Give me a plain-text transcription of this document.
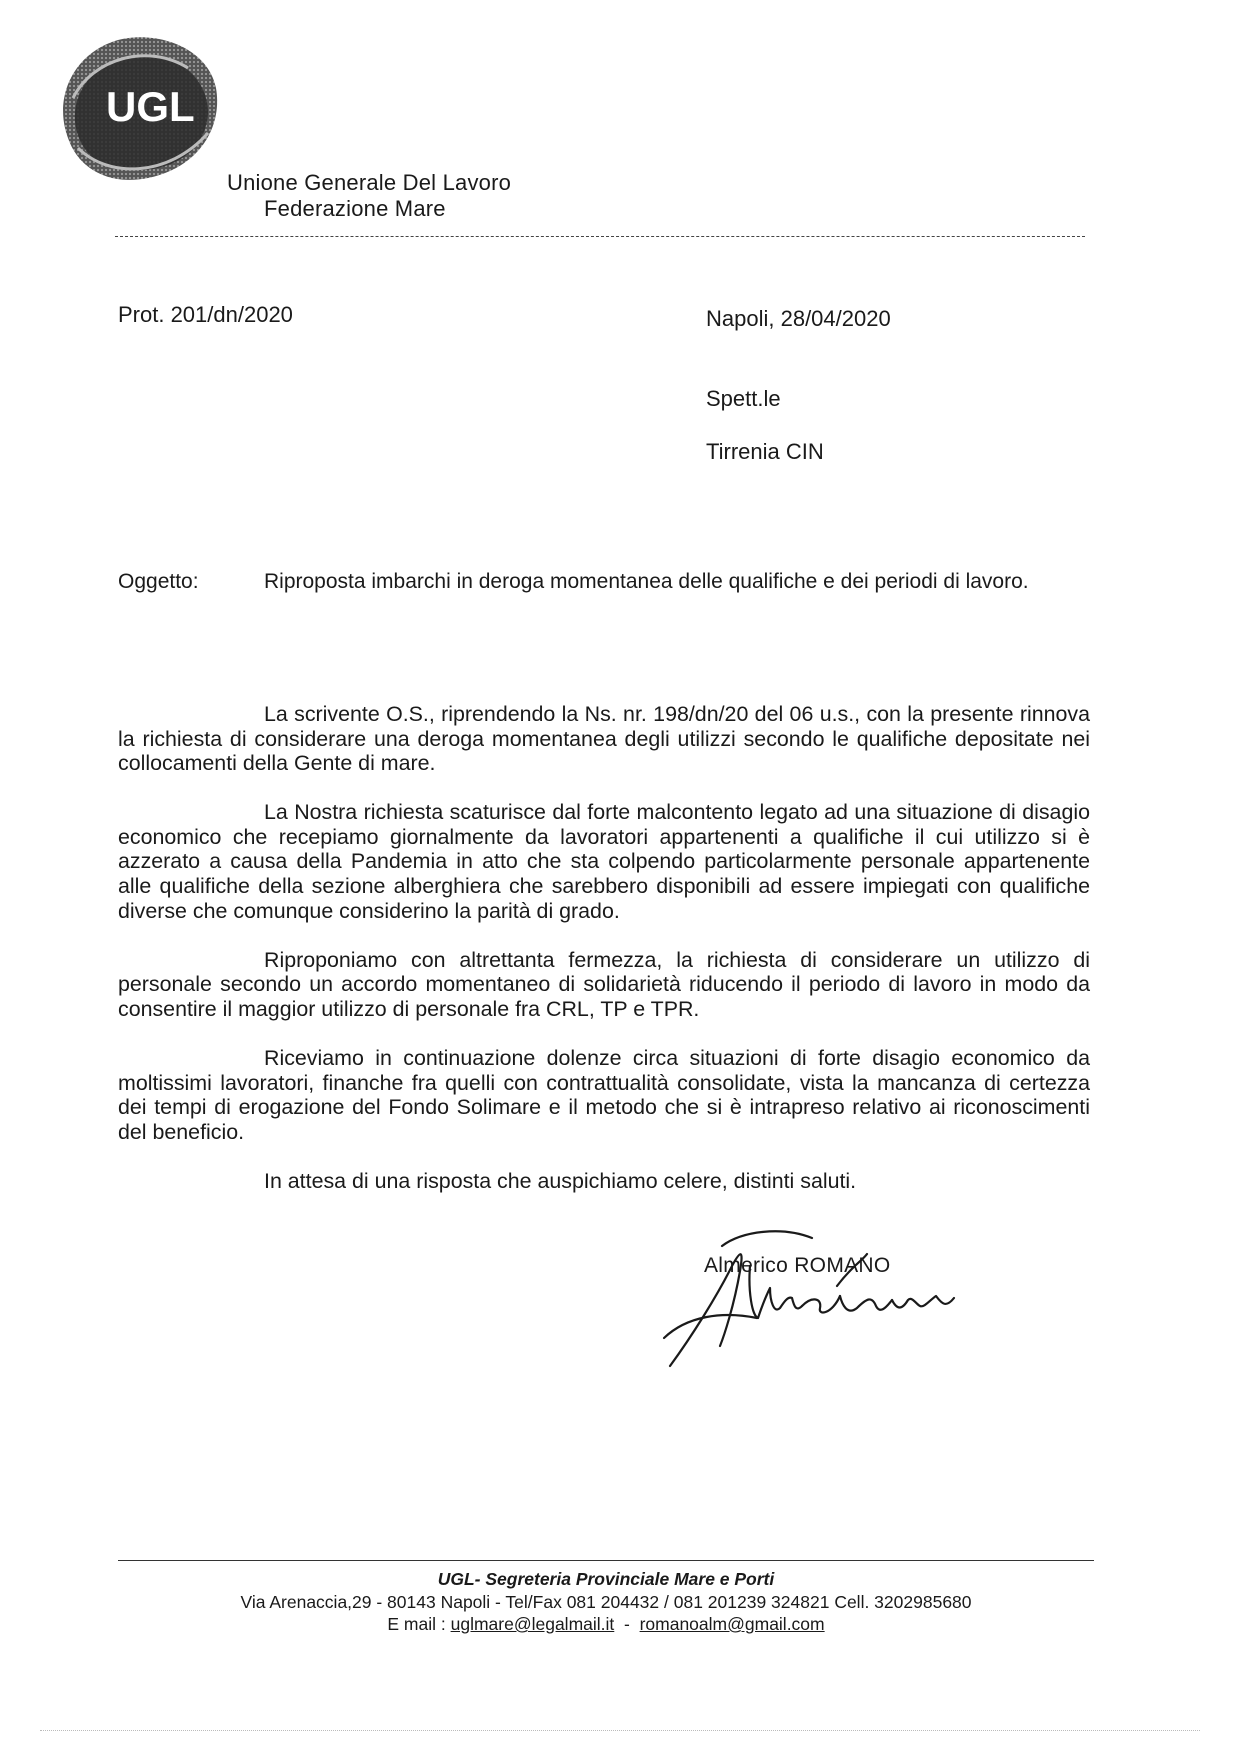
UGL
Unione Generale Del Lavoro
Federazione Mare
Prot. 201/dn/2020	Napoli, 28/04/2020
Spett.le
Tirrenia CIN
Oggetto:	Riproposta imbarchi in deroga momentanea delle qualifiche e dei periodi di lavoro.

La scrivente O.S., riprendendo la Ns. nr. 198/dn/20 del 06 u.s., con la presente rinnova la richiesta di considerare una deroga momentanea degli utilizzi secondo le qualifiche depositate nei collocamenti della Gente di mare.

La Nostra richiesta scaturisce dal forte malcontento legato ad una situazione di disagio economico che recepiamo giornalmente da lavoratori appartenenti a qualifiche il cui utilizzo si è azzerato a causa della Pandemia in atto che sta colpendo particolarmente personale appartenente alle qualifiche della sezione alberghiera che sarebbero disponibili ad essere impiegati con qualifiche diverse che comunque considerino la parità di grado.

Riproponiamo con altrettanta fermezza, la richiesta di considerare un utilizzo di personale secondo un accordo momentaneo di solidarietà riducendo il periodo di lavoro in modo da consentire il maggior utilizzo di personale fra CRL, TP e TPR.

Riceviamo in continuazione dolenze circa situazioni di forte disagio economico da moltissimi lavoratori, finanche fra quelli con contrattualità consolidate, vista la mancanza di certezza dei tempi di erogazione del Fondo Solimare e il metodo che si è intrapreso relativo ai riconoscimenti del beneficio.

In attesa di una risposta che auspichiamo celere, distinti saluti.
Almerico ROMANO
UGL- Segreteria Provinciale Mare e Porti
Via Arenaccia,29 - 80143 Napoli - Tel/Fax 081 204432 / 081 201239 324821 Cell. 3202985680
E mail : uglmare@legalmail.it - romanoalm@gmail.com
